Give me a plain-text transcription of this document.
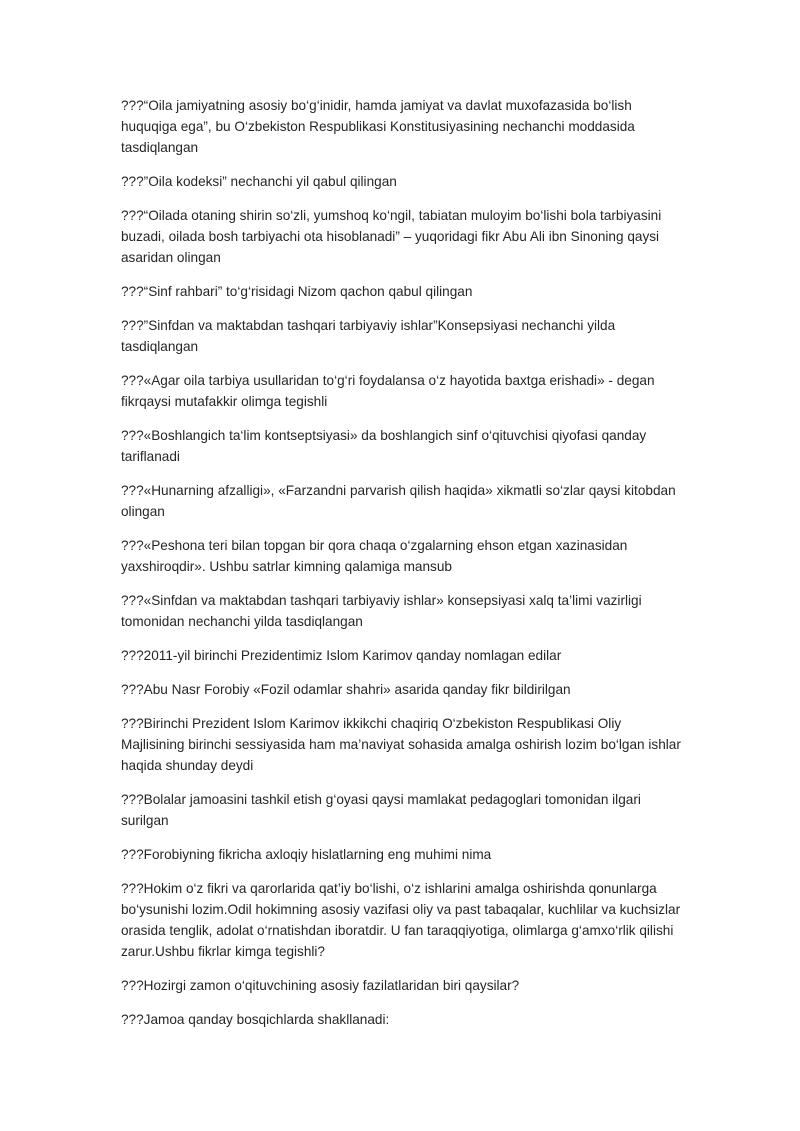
???“Oila jamiyatning asosiy bo‘g‘inidir, hamda jamiyat va davlat muxofazasida bo‘lish huquqiga ega”, bu O‘zbekiston Respublikasi Konstitusiyasining nechanchi moddasida tasdiqlangan

???”Oila kodeksi” nechanchi yil qabul qilingan

???“Oilada otaning shirin so‘zli, yumshoq ko‘ngil, tabiatan muloyim bo‘lishi bola tarbiyasini buzadi, oilada bosh tarbiyachi ota hisoblanadi” – yuqoridagi fikr Abu Ali ibn Sinoning qaysi asaridan olingan

???“Sinf rahbari” to‘g‘risidagi Nizom qachon qabul qilingan

???”Sinfdan va maktabdan tashqari tarbiyaviy ishlar”Konsepsiyasi nechanchi yilda tasdiqlangan

???«Agar oila tarbiya usullaridan to‘g‘ri foydalansa o‘z hayotida baxtga erishadi» - degan fikrqaysi mutafakkir olimga tegishli

???«Boshlangich ta‘lim kontseptsiyasi» da boshlangich sinf o‘qituvchisi qiyofasi qanday tariflanadi

???«Hunarning afzalligi», «Farzandni parvarish qilish haqida» xikmatli so‘zlar qaysi kitobdan olingan

???«Peshona teri bilan topgan bir qora chaqa o‘zgalarning ehson etgan xazinasidan yaxshiroqdir». Ushbu satrlar kimning qalamiga mansub

???«Sinfdan va maktabdan tashqari tarbiyaviy ishlar» konsepsiyasi xalq ta’limi vazirligi tomonidan nechanchi yilda tasdiqlangan

???2011-yil birinchi Prezidentimiz Islom Karimov qanday nomlagan edilar

???Abu Nasr Forobiy «Fozil odamlar shahri» asarida qanday fikr bildirilgan

???Birinchi Prezident Islom Karimov ikkikchi chaqiriq O‘zbekiston Respublikasi Oliy Majlisining birinchi sessiyasida ham ma’naviyat sohasida amalga oshirish lozim bo‘lgan ishlar haqida shunday deydi

???Bolalar jamoasini tashkil etish g‘oyasi qaysi mamlakat pedagoglari tomonidan ilgari surilgan

???Forobiyning fikricha axloqiy hislatlarning eng muhimi nima

???Hokim o‘z fikri va qarorlarida qat’iy bo‘lishi, o‘z ishlarini amalga oshirishda qonunlarga bo‘ysunishi lozim.Odil hokimning asosiy vazifasi oliy va past tabaqalar, kuchlilar va kuchsizlar orasida tenglik, adolat o‘rnatishdan iboratdir. U fan taraqqiyotiga, olimlarga g‘amxo‘rlik qilishi zarur.Ushbu fikrlar kimga tegishli?

???Hozirgi zamon o‘qituvchining asosiy fazilatlaridan biri qaysilar?

???Jamoa qanday bosqichlarda shakllanadi:
